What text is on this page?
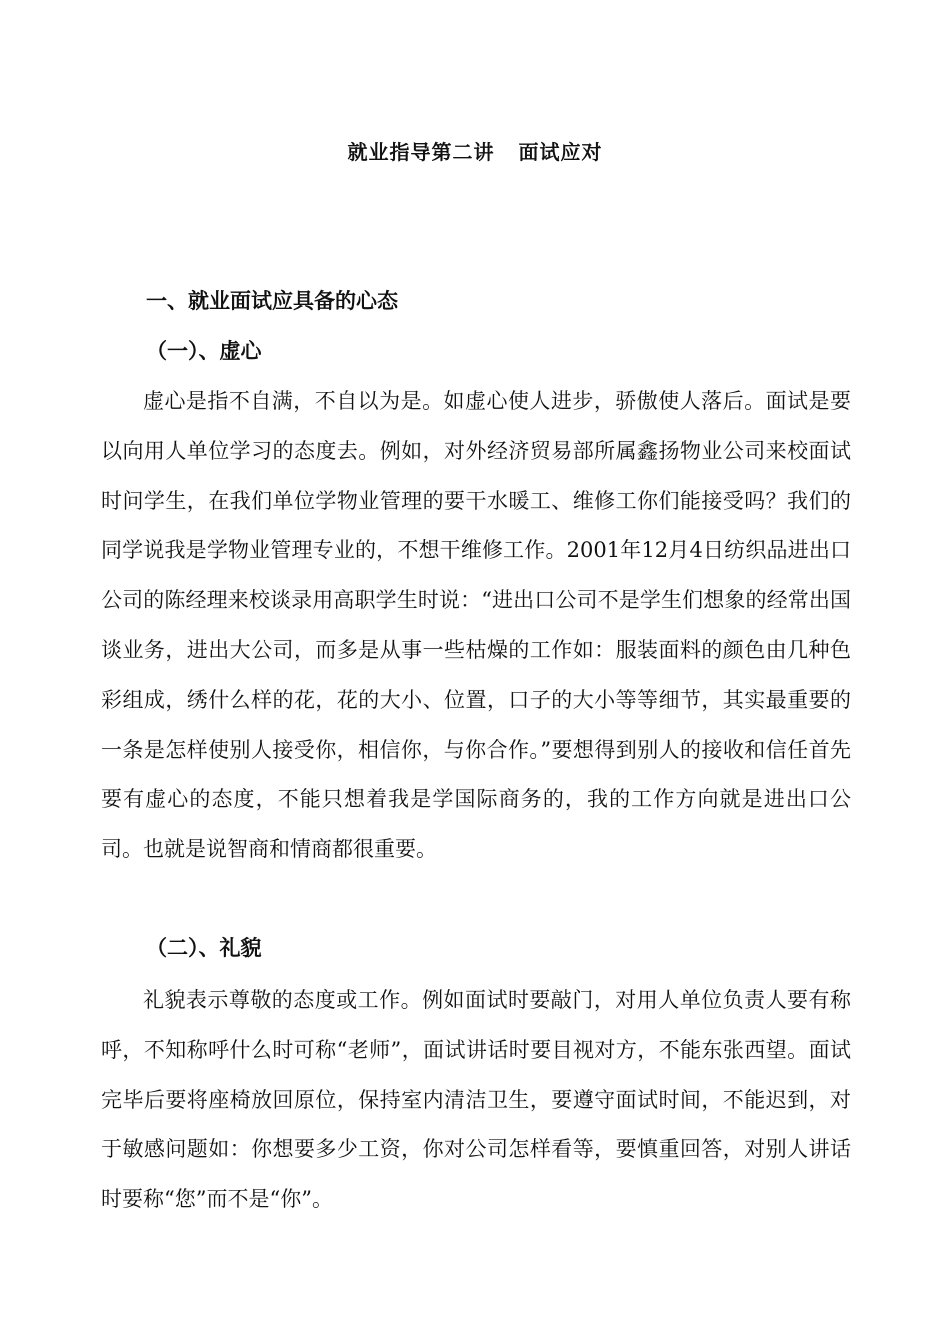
就业指导第二讲 面试应对
一、就业面试应具备的心态
（一）、虚心

虚心是指不自满，不自以为是。如虚心使人进步，骄傲使人落后。面试是要以向用人单位学习的态度去。例如，对外经济贸易部所属鑫扬物业公司来校面试时问学生，在我们单位学物业管理的要干水暖工、维修工你们能接受吗？我们的同学说我是学物业管理专业的，不想干维修工作。2001年12月4日纺织品进出口公司的陈经理来校谈录用高职学生时说：“进出口公司不是学生们想象的经常出国谈业务，进出大公司，而多是从事一些枯燥的工作如：服装面料的颜色由几种色彩组成，绣什么样的花，花的大小、位置，口子的大小等等细节，其实最重要的一条是怎样使别人接受你，相信你，与你合作。”要想得到别人的接收和信任首先要有虚心的态度，不能只想着我是学国际商务的，我的工作方向就是进出口公司。也就是说智商和情商都很重要。

（二）、礼貌

礼貌表示尊敬的态度或工作。例如面试时要敲门，对用人单位负责人要有称呼，不知称呼什么时可称“老师”，面试讲话时要目视对方，不能东张西望。面试完毕后要将座椅放回原位，保持室内清洁卫生，要遵守面试时间，不能迟到，对于敏感问题如：你想要多少工资，你对公司怎样看等，要慎重回答，对别人讲话时要称“您”而不是“你”。
